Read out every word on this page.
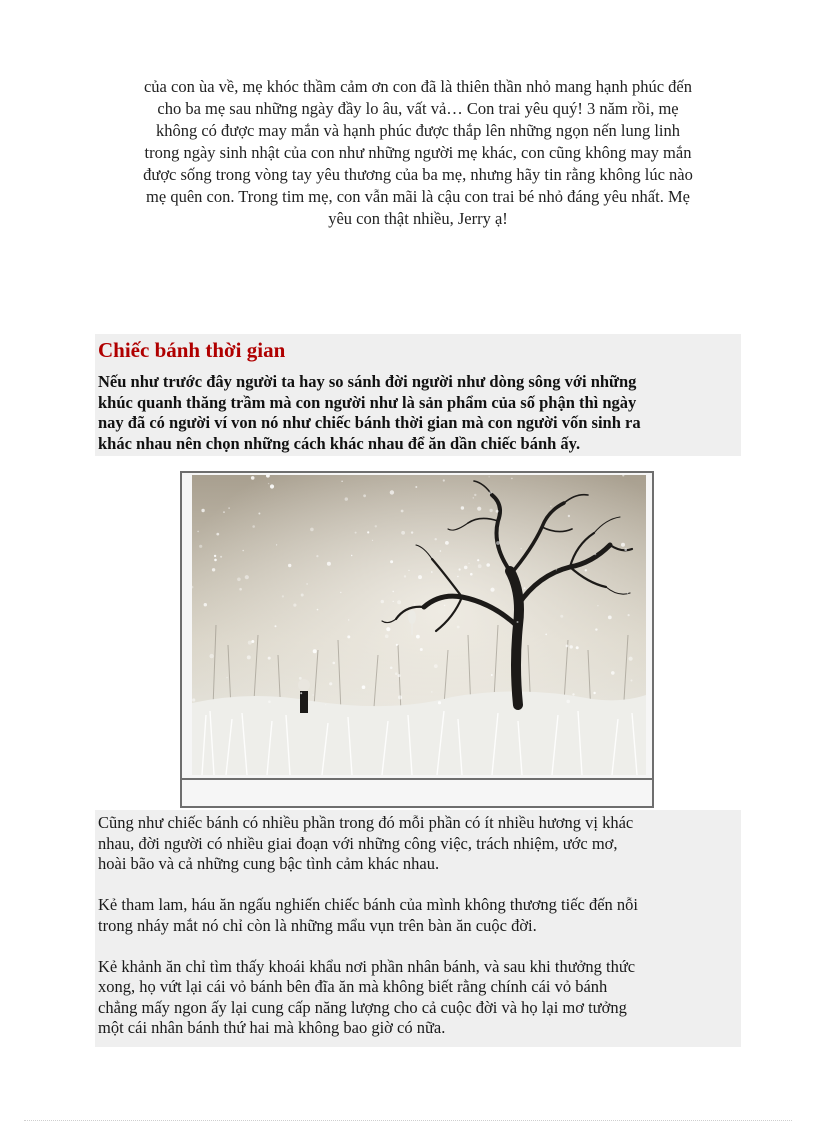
của con ùa về, mẹ khóc thầm cảm ơn con đã là thiên thần nhỏ mang hạnh phúc đến
cho ba mẹ sau những ngày đầy lo âu, vất vả… Con trai yêu quý! 3 năm rồi, mẹ
không có được may mắn và hạnh phúc được thắp lên những ngọn nến lung linh
trong ngày sinh nhật của con như những người mẹ khác, con cũng không may mắn
được sống trong vòng tay yêu thương của ba mẹ, nhưng hãy tin rằng không lúc nào
mẹ quên con. Trong tim mẹ, con vẫn mãi là cậu con trai bé nhỏ đáng yêu nhất. Mẹ
yêu con thật nhiều, Jerry ạ!
Chiếc bánh thời gian
Nếu như trước đây người ta hay so sánh đời người như dòng sông với những
khúc quanh thăng trầm mà con người như là sản phẩm của số phận thì ngày
nay đã có người ví von nó như chiếc bánh thời gian mà con người vốn sinh ra
khác nhau nên chọn những cách khác nhau để ăn dần chiếc bánh ấy.

Cũng như chiếc bánh có nhiều phần trong đó mỗi phần có ít nhiều hương vị khác
nhau, đời người có nhiều giai đoạn với những công việc, trách nhiệm, ước mơ,
hoài bão và cả những cung bậc tình cảm khác nhau.

Kẻ tham lam, háu ăn ngấu nghiến chiếc bánh của mình không thương tiếc đến nỗi
trong nháy mắt nó chỉ còn là những mẩu vụn trên bàn ăn cuộc đời.

Kẻ khảnh ăn chỉ tìm thấy khoái khẩu nơi phần nhân bánh, và sau khi thưởng thức
xong, họ vứt lại cái vỏ bánh bên đĩa ăn mà không biết rằng chính cái vỏ bánh
chẳng mấy ngon ấy lại cung cấp năng lượng cho cả cuộc đời và họ lại mơ tưởng
một cái nhân bánh thứ hai mà không bao giờ có nữa.
